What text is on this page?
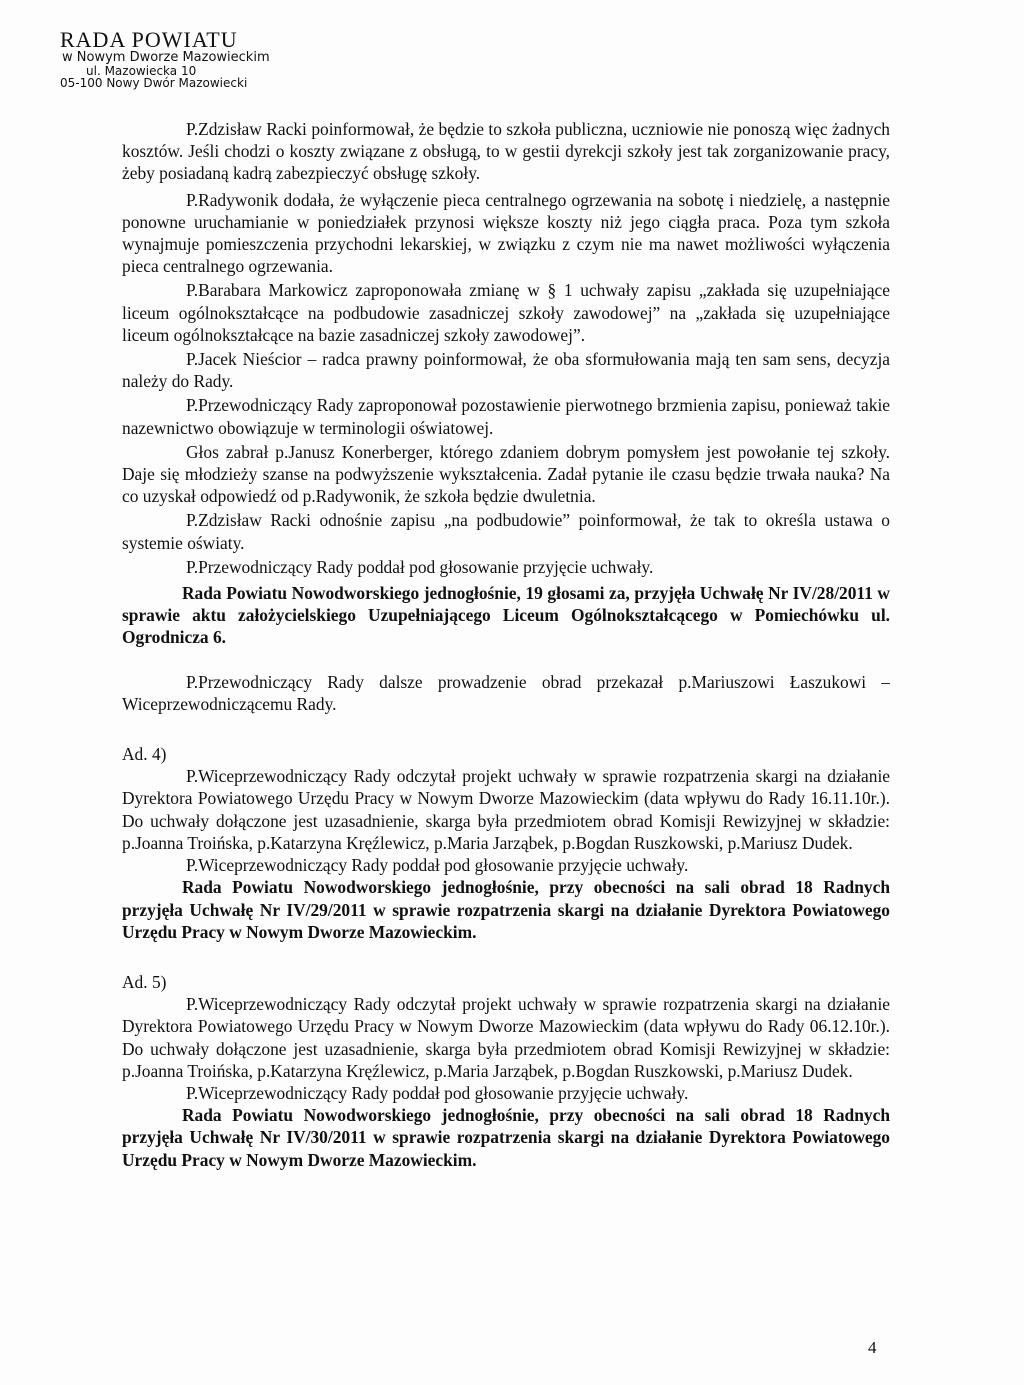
RADA POWIATU
w Nowym Dworze Mazowieckim
ul. Mazowiecka 10
05-100 Nowy Dwór Mazowiecki

P.Zdzisław Racki poinformował, że będzie to szkoła publiczna, uczniowie nie ponoszą więc żadnych kosztów. Jeśli chodzi o koszty związane z obsługą, to w gestii dyrekcji szkoły jest tak zorganizowanie pracy, żeby posiadaną kadrą zabezpieczyć obsługę szkoły.

P.Radywonik dodała, że wyłączenie pieca centralnego ogrzewania na sobotę i niedzielę, a następnie ponowne uruchamianie w poniedziałek przynosi większe koszty niż jego ciągła praca. Poza tym szkoła wynajmuje pomieszczenia przychodni lekarskiej, w związku z czym nie ma nawet możliwości wyłączenia pieca centralnego ogrzewania.

P.Barabara Markowicz zaproponowała zmianę w § 1 uchwały zapisu „zakłada się uzupełniające liceum ogólnokształcące na podbudowie zasadniczej szkoły zawodowej” na „zakłada się uzupełniające liceum ogólnokształcące na bazie zasadniczej szkoły zawodowej”.

P.Jacek Nieścior – radca prawny poinformował, że oba sformułowania mają ten sam sens, decyzja należy do Rady.

P.Przewodniczący Rady zaproponował pozostawienie pierwotnego brzmienia zapisu, ponieważ takie nazewnictwo obowiązuje w terminologii oświatowej.

Głos zabrał p.Janusz Konerberger, którego zdaniem dobrym pomysłem jest powołanie tej szkoły. Daje się młodzieży szanse na podwyższenie wykształcenia. Zadał pytanie ile czasu będzie trwała nauka? Na co uzyskał odpowiedź od p.Radywonik, że szkoła będzie dwuletnia.

P.Zdzisław Racki odnośnie zapisu „na podbudowie” poinformował, że tak to określa ustawa o systemie oświaty.

P.Przewodniczący Rady poddał pod głosowanie przyjęcie uchwały.

Rada Powiatu Nowodworskiego jednogłośnie, 19 głosami za, przyjęła Uchwałę Nr IV/28/2011 w sprawie aktu założycielskiego Uzupełniającego Liceum Ogólnokształcącego w Pomiechówku ul. Ogrodnicza 6.

P.Przewodniczący Rady dalsze prowadzenie obrad przekazał p.Mariuszowi Łaszukowi – Wiceprzewodniczącemu Rady.

Ad. 4)

P.Wiceprzewodniczący Rady odczytał projekt uchwały w sprawie rozpatrzenia skargi na działanie Dyrektora Powiatowego Urzędu Pracy w Nowym Dworze Mazowieckim (data wpływu do Rady 16.11.10r.). Do uchwały dołączone jest uzasadnienie, skarga była przedmiotem obrad Komisji Rewizyjnej w składzie: p.Joanna Troińska, p.Katarzyna Kręźlewicz, p.Maria Jarząbek, p.Bogdan Ruszkowski, p.Mariusz Dudek.

P.Wiceprzewodniczący Rady poddał pod głosowanie przyjęcie uchwały.

Rada Powiatu Nowodworskiego jednogłośnie, przy obecności na sali obrad 18 Radnych przyjęła Uchwałę Nr IV/29/2011 w sprawie rozpatrzenia skargi na działanie Dyrektora Powiatowego Urzędu Pracy w Nowym Dworze Mazowieckim.

Ad. 5)

P.Wiceprzewodniczący Rady odczytał projekt uchwały w sprawie rozpatrzenia skargi na działanie Dyrektora Powiatowego Urzędu Pracy w Nowym Dworze Mazowieckim (data wpływu do Rady 06.12.10r.). Do uchwały dołączone jest uzasadnienie, skarga była przedmiotem obrad Komisji Rewizyjnej w składzie: p.Joanna Troińska, p.Katarzyna Kręźlewicz, p.Maria Jarząbek, p.Bogdan Ruszkowski, p.Mariusz Dudek.

P.Wiceprzewodniczący Rady poddał pod głosowanie przyjęcie uchwały.

Rada Powiatu Nowodworskiego jednogłośnie, przy obecności na sali obrad 18 Radnych przyjęła Uchwałę Nr IV/30/2011 w sprawie rozpatrzenia skargi na działanie Dyrektora Powiatowego Urzędu Pracy w Nowym Dworze Mazowieckim.

4
